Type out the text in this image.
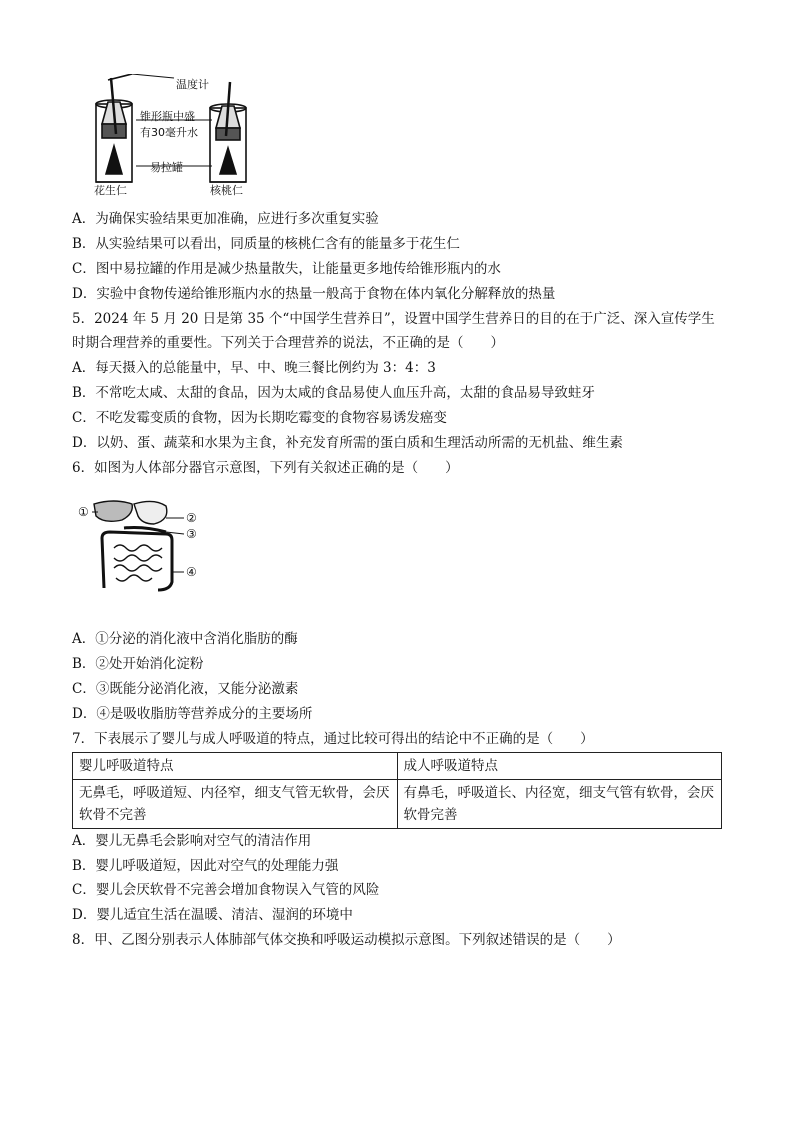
温度计
锥形瓶中盛
有30毫升水
易拉罐
花生仁	核桃仁
A．为确保实验结果更加准确，应进行多次重复实验
B．从实验结果可以看出，同质量的核桃仁含有的能量多于花生仁
C．图中易拉罐的作用是减少热量散失，让能量更多地传给锥形瓶内的水
D．实验中食物传递给锥形瓶内水的热量一般高于食物在体内氧化分解释放的热量
5．2024 年 5 月 20 日是第 35 个“中国学生营养日”，设置中国学生营养日的目的在于广泛、深入宣传学生
时期合理营养的重要性。下列关于合理营养的说法，不正确的是（　　）
A．每天摄入的总能量中，早、中、晚三餐比例约为 3：4：3
B．不常吃太咸、太甜的食品，因为太咸的食品易使人血压升高，太甜的食品易导致蛀牙
C．不吃发霉变质的食物，因为长期吃霉变的食物容易诱发癌变
D．以奶、蛋、蔬菜和水果为主食，补充发育所需的蛋白质和生理活动所需的无机盐、维生素
6．如图为人体部分器官示意图，下列有关叙述正确的是（　　）
①	②
③
④
A．①分泌的消化液中含消化脂肪的酶
B．②处开始消化淀粉
C．③既能分泌消化液，又能分泌激素
D．④是吸收脂肪等营养成分的主要场所
7．下表展示了婴儿与成人呼吸道的特点，通过比较可得出的结论中不正确的是（　　）
婴儿呼吸道特点	成人呼吸道特点
无鼻毛，呼吸道短、内径窄，细支气管无软骨，会厌软骨不完善	有鼻毛，呼吸道长、内径宽，细支气管有软骨，会厌软骨完善
A．婴儿无鼻毛会影响对空气的清洁作用
B．婴儿呼吸道短，因此对空气的处理能力强
C．婴儿会厌软骨不完善会增加食物误入气管的风险
D．婴儿适宜生活在温暖、清洁、湿润的环境中
8．甲、乙图分别表示人体肺部气体交换和呼吸运动模拟示意图。下列叙述错误的是（　　）
